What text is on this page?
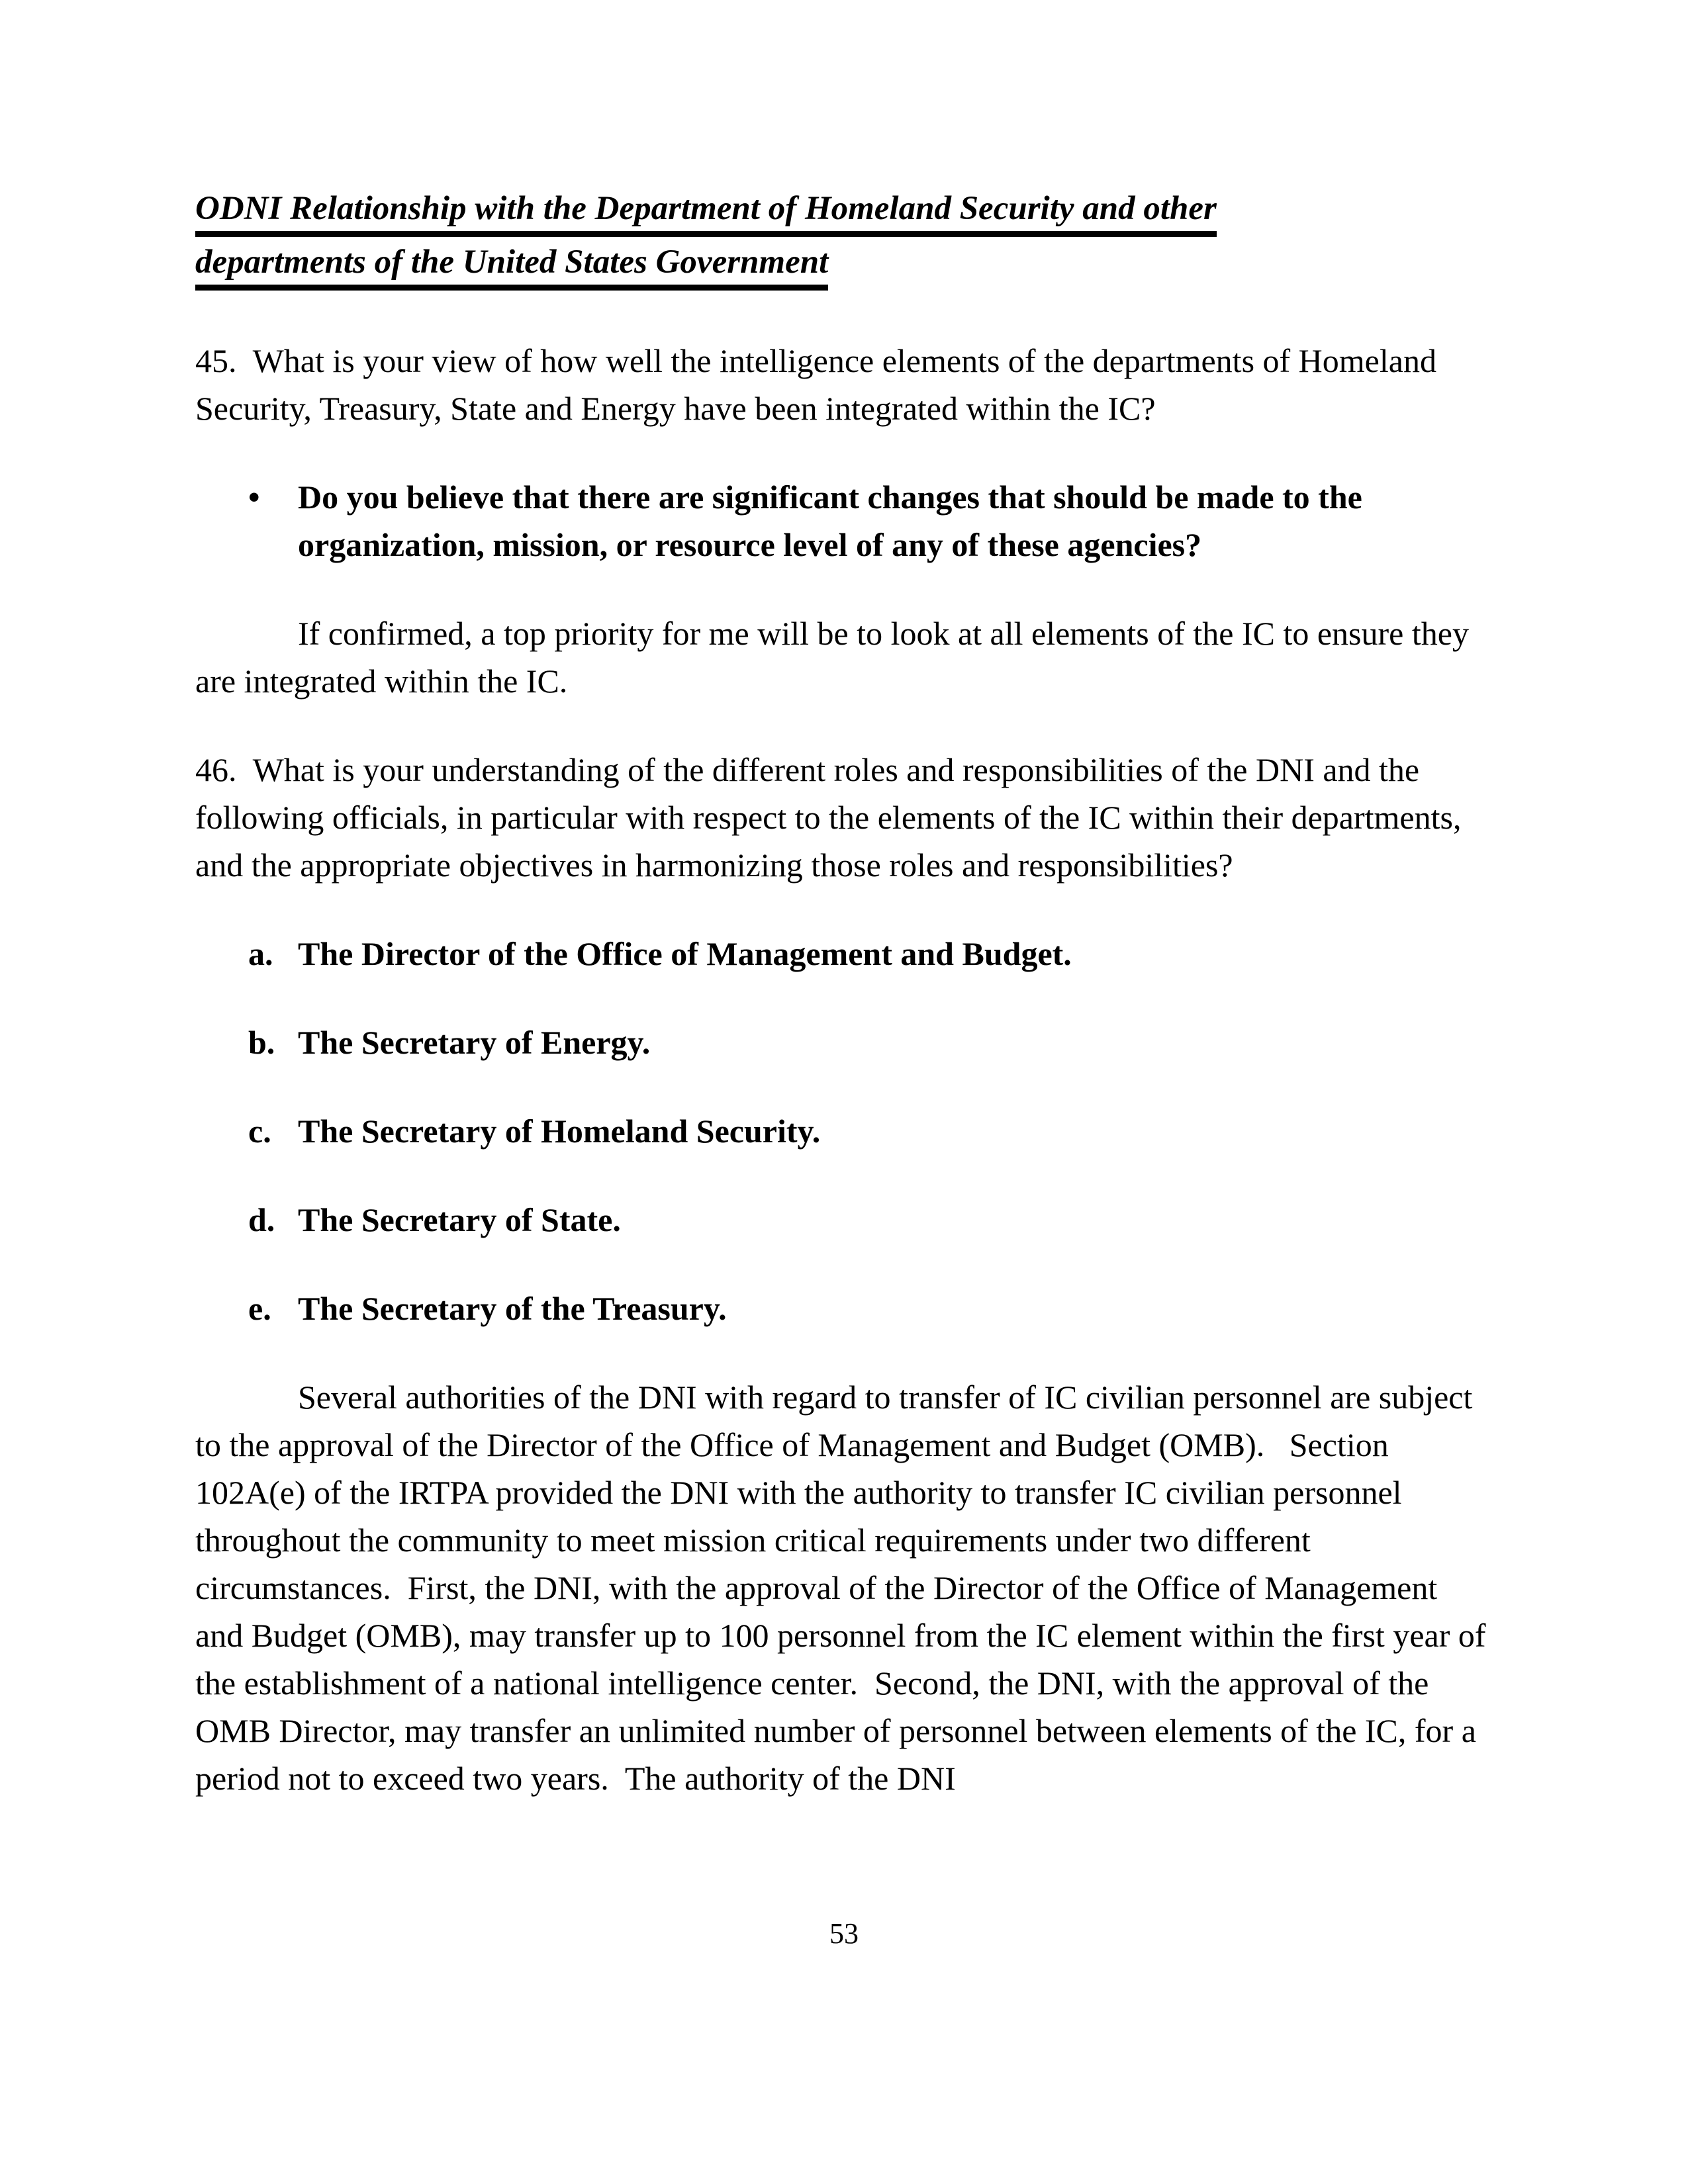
ODNI Relationship with the Department of Homeland Security and other
departments of the United States Government

45.  What is your view of how well the intelligence elements of the departments of Homeland Security, Treasury, State and Energy have been integrated within the IC?

•	Do you believe that there are significant changes that should be made to the organization, mission, or resource level of any of these agencies?

If confirmed, a top priority for me will be to look at all elements of the IC to ensure they are integrated within the IC.

46.  What is your understanding of the different roles and responsibilities of the DNI and the following officials, in particular with respect to the elements of the IC within their departments, and the appropriate objectives in harmonizing those roles and responsibilities?

a. The Director of the Office of Management and Budget.
b. The Secretary of Energy.
c. The Secretary of Homeland Security.
d. The Secretary of State.
e. The Secretary of the Treasury.

Several authorities of the DNI with regard to transfer of IC civilian personnel are subject to the approval of the Director of the Office of Management and Budget (OMB).   Section 102A(e) of the IRTPA provided the DNI with the authority to transfer IC civilian personnel throughout the community to meet mission critical requirements under two different circumstances.  First, the DNI, with the approval of the Director of the Office of Management and Budget (OMB), may transfer up to 100 personnel from the IC element within the first year of the establishment of a national intelligence center.  Second, the DNI, with the approval of the OMB Director, may transfer an unlimited number of personnel between elements of the IC, for a period not to exceed two years.  The authority of the DNI

53
